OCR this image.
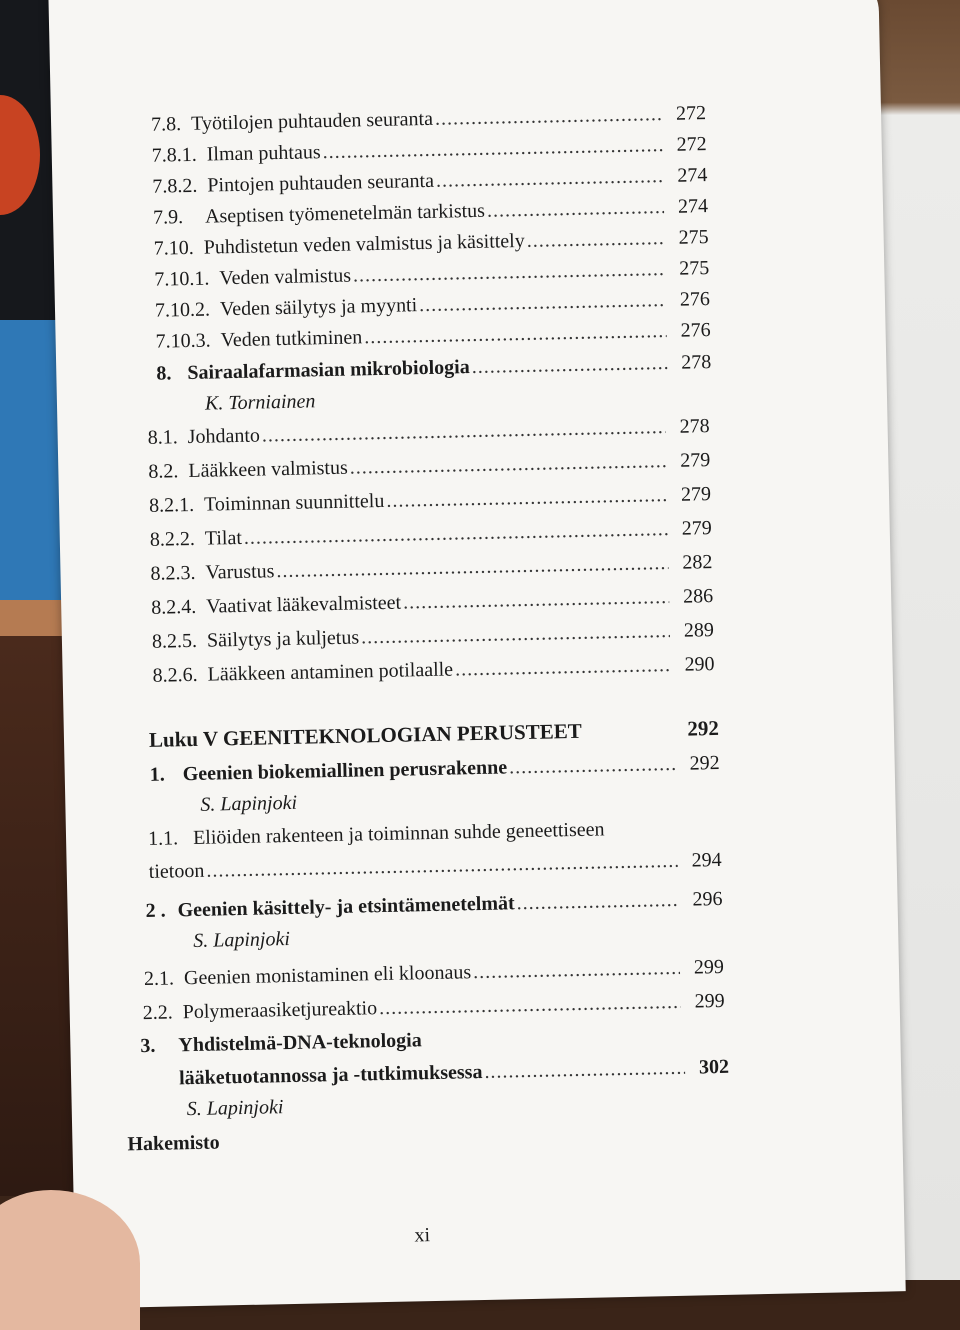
7.8. Työtilojen puhtauden seuranta .....	272
7.8.1. Ilman puhtaus .....	272
7.8.2. Pintojen puhtauden seuranta .....	274
7.9. Aseptisen työmenetelmän tarkistus .....	274
7.10. Puhdistetun veden valmistus ja käsittely .....	275
7.10.1. Veden valmistus .....	275
7.10.2. Veden säilytys ja myynti .....	276
7.10.3. Veden tutkiminen .....	276
8. Sairaalafarmasian mikrobiologia .....	278
K. Torniainen
8.1. Johdanto .....	278
8.2. Lääkkeen valmistus .....	279
8.2.1. Toiminnan suunnittelu .....	279
8.2.2. Tilat .....	279
8.2.3. Varustus .....	282
8.2.4. Vaativat lääkevalmisteet .....	286
8.2.5. Säilytys ja kuljetus .....	289
8.2.6. Lääkkeen antaminen potilaalle .....	290
Luku V GEENITEKNOLOGIAN PERUSTEET	292
1. Geenien biokemiallinen perusrakenne .....	292
S. Lapinjoki
1.1. Eliöiden rakenteen ja toiminnan suhde geneettiseen
tietoon .....	294
2 . Geenien käsittely- ja etsintämenetelmät .....	296
S. Lapinjoki
2.1. Geenien monistaminen eli kloonaus .....	299
2.2. Polymeraasiketjureaktio .....	299
3. Yhdistelmä-DNA-teknologia
lääketuotannossa ja -tutkimuksessa .....	302
S. Lapinjoki
Hakemisto
xi
